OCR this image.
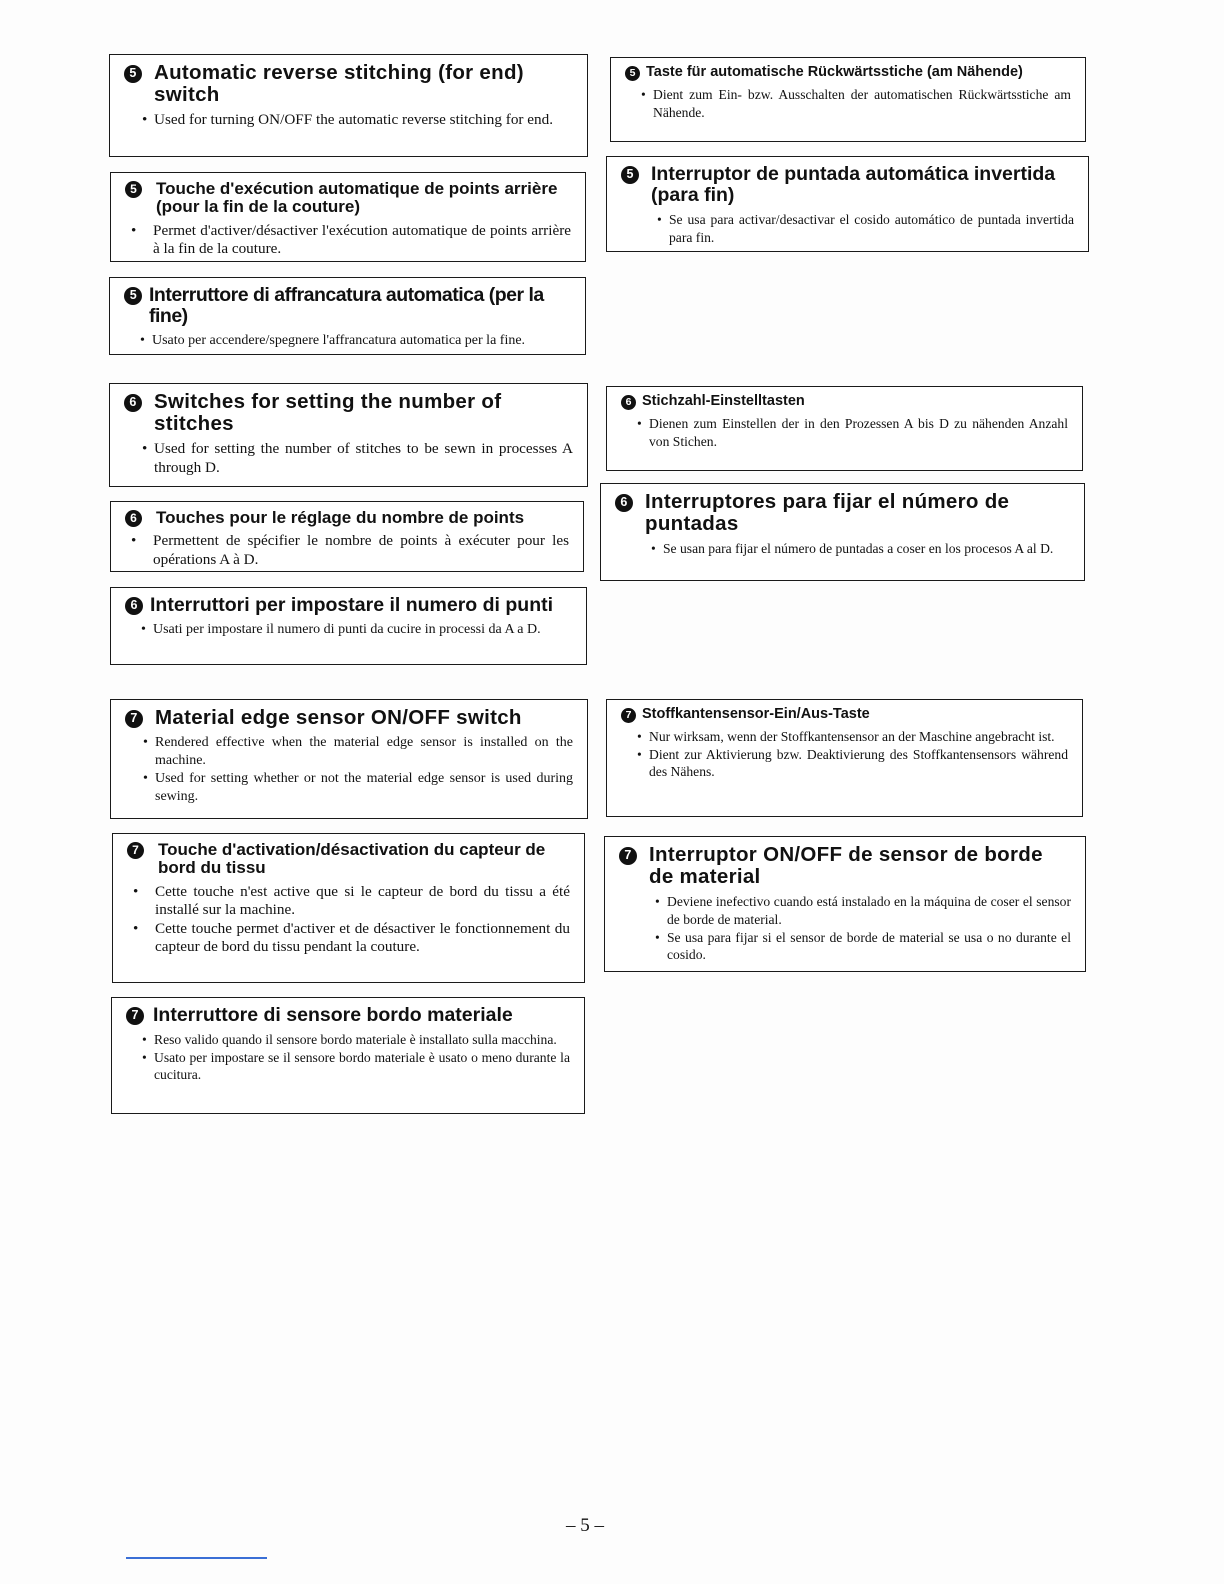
5 Automatic reverse stitching (for end) switch
• Used for turning ON/OFF the automatic reverse stitching for end.
5	Touche d'exécution automatique de points arrière (pour la fin de la couture)
• Permet d'activer/désactiver l'exécution automatique de points arrière à la fin de la couture.
5 Interruttore di affrancatura automatica (per la fine)
• Usato per accendere/spegnere l'affrancatura automatica per la fine.
5 Taste für automatische Rückwärtsstiche (am Nähende)
• Dient zum Ein- bzw. Ausschalten der automatischen Rückwärtsstiche am Nähende.
5 Interruptor de puntada automática invertida (para fin)
• Se usa para activar/desactivar el cosido automático de puntada invertida para fin.
6 Switches for setting the number of stitches
• Used for setting the number of stitches to be sewn in processes A through D.
6	Touches pour le réglage du nombre de points
• Permettent de spécifier le nombre de points à exécuter pour les opérations A à D.
6 Interruttori per impostare il numero di punti
• Usati per impostare il numero di punti da cucire in processi da A a D.
6 Stichzahl-Einstelltasten
• Dienen zum Einstellen der in den Prozessen A bis D zu nähenden Anzahl von Stichen.
6 Interruptores para fijar el número de puntadas
• Se usan para fijar el número de puntadas a coser en los procesos A al D.
7 Material edge sensor ON/OFF switch
• Rendered effective when the material edge sensor is installed on the machine.
• Used for setting whether or not the material edge sensor is used during sewing.
7	Touche d'activation/désactivation du capteur de bord du tissu
• Cette touche n'est active que si le capteur de bord du tissu a été installé sur la machine.
• Cette touche permet d'activer et de désactiver le fonctionnement du capteur de bord du tissu pendant la couture.
7 Interruttore di sensore bordo materiale
• Reso valido quando il sensore bordo materiale è installato sulla macchina.
• Usato per impostare se il sensore bordo materiale è usato o meno durante la cucitura.
7 Stoffkantensensor-Ein/Aus-Taste
• Nur wirksam, wenn der Stoffkantensensor an der Maschine angebracht ist.
• Dient zur Aktivierung bzw. Deaktivierung des Stoffkantensensors während des Nähens.
7 Interruptor ON/OFF de sensor de borde de material
• Deviene inefectivo cuando está instalado en la máquina de coser el sensor de borde de material.
• Se usa para fijar si el sensor de borde de material se usa o no durante el cosido.
– 5 –
